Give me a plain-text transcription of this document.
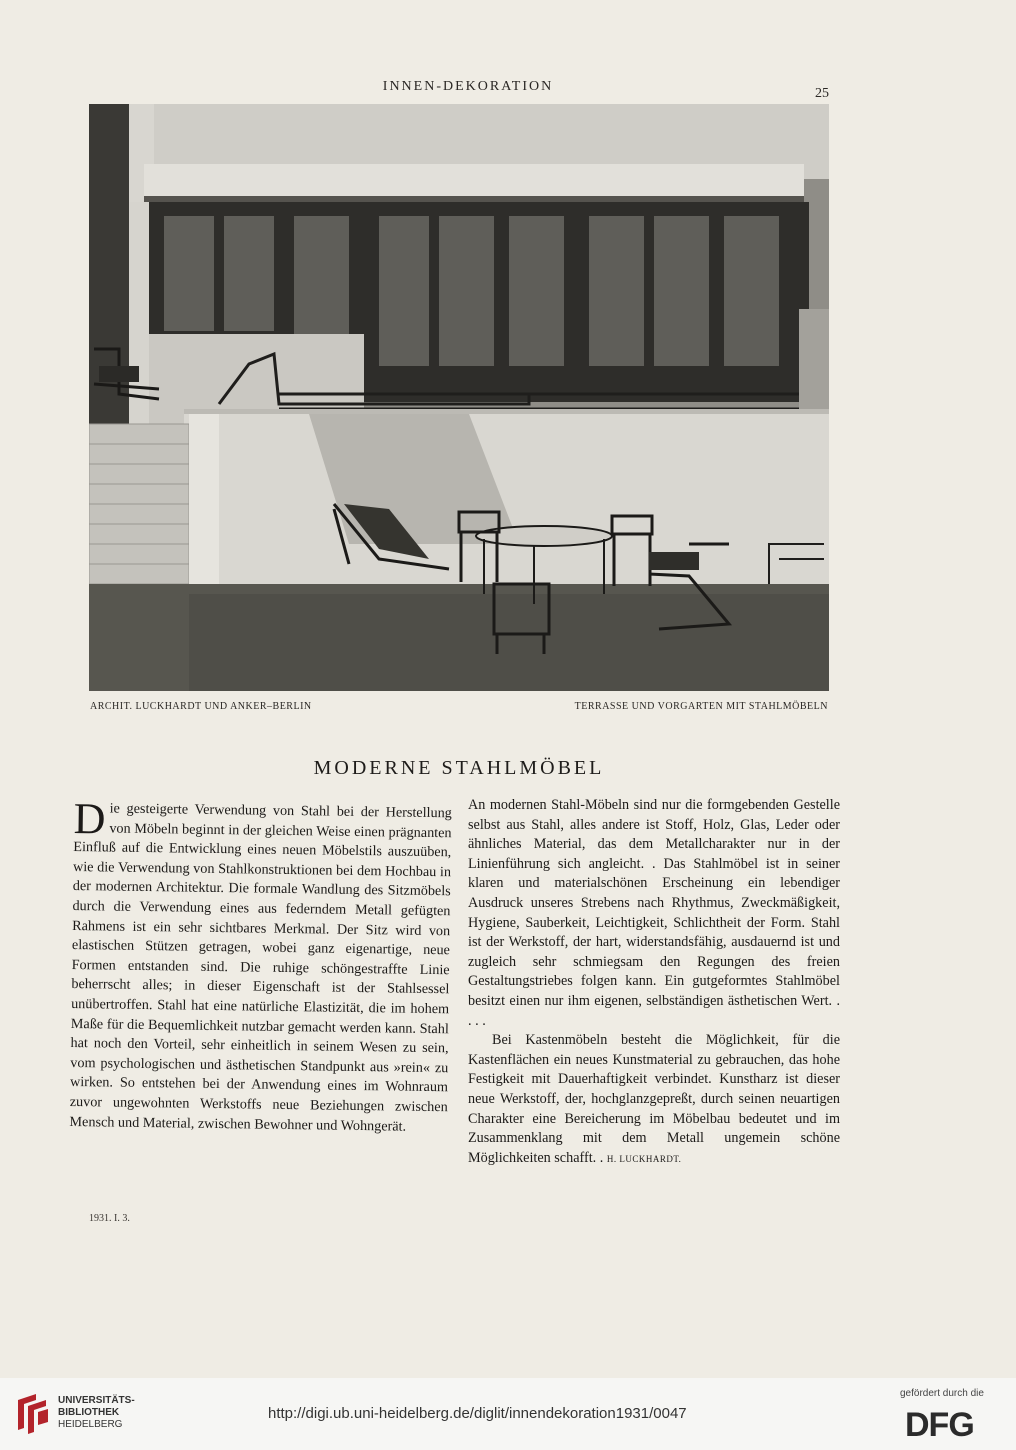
INNEN-DEKORATION	25
ARCHIT. LUCKHARDT UND ANKER–BERLIN	TERRASSE UND VORGARTEN MIT STAHLMÖBELN
MODERNE STAHLMÖBEL

D ie gesteigerte Verwendung von Stahl bei der Herstellung von Möbeln beginnt in der gleichen Weise einen prägnanten Einfluß auf die Entwicklung eines neuen Möbelstils auszuüben, wie die Verwendung von Stahlkonstruktionen bei dem Hochbau in der modernen Architektur. Die formale Wandlung des Sitzmöbels durch die Verwendung eines aus federndem Metall gefügten Rahmens ist ein sehr sichtbares Merkmal. Der Sitz wird von elastischen Stützen getragen, wobei ganz eigenartige, neue Formen entstanden sind. Die ruhige schöngestraffte Linie beherrscht alles; in dieser Eigenschaft ist der Stahlsessel unübertroffen. Stahl hat eine natürliche Elastizität, die im hohem Maße für die Bequemlichkeit nutzbar gemacht werden kann. Stahl hat noch den Vorteil, sehr einheitlich in seinem Wesen zu sein, vom psychologischen und ästhetischen Standpunkt aus »rein« zu wirken. So entstehen bei der Anwendung eines im Wohnraum zuvor ungewohnten Werkstoffs neue Beziehungen zwischen Mensch und Material, zwischen Bewohner und Wohngerät.

An modernen Stahl-Möbeln sind nur die formgebenden Gestelle selbst aus Stahl, alles andere ist Stoff, Holz, Glas, Leder oder ähnliches Material, das dem Metallcharakter nur in der Linienführung sich angleicht. . Das Stahlmöbel ist in seiner klaren und materialschönen Erscheinung ein lebendiger Ausdruck unseres Strebens nach Rhythmus, Zweckmäßigkeit, Hygiene, Sauberkeit, Leichtigkeit, Schlichtheit der Form. Stahl ist der Werkstoff, der hart, widerstandsfähig, ausdauernd ist und zugleich sehr schmiegsam den Regungen des freien Gestaltungstriebes folgen kann. Ein gutgeformtes Stahlmöbel besitzt einen nur ihm eigenen, selbständigen ästhetischen Wert. . . . .

Bei Kastenmöbeln besteht die Möglichkeit, für die Kastenflächen ein neues Kunstmaterial zu gebrauchen, das hohe Festigkeit mit Dauerhaftigkeit verbindet. Kunstharz ist dieser neue Werkstoff, der, hochglanzgepreßt, durch seinen neuartigen Charakter eine Bereicherung im Möbelbau bedeutet und im Zusammenklang mit dem Metall ungemein schöne Möglichkeiten schafft. . H. LUCKHARDT.

1931. I. 3.
UNIVERSITÄTS-
BIBLIOTHEK
HEIDELBERG
http://digi.ub.uni-heidelberg.de/diglit/innendekoration1931/0047
gefördert durch die
DFG
